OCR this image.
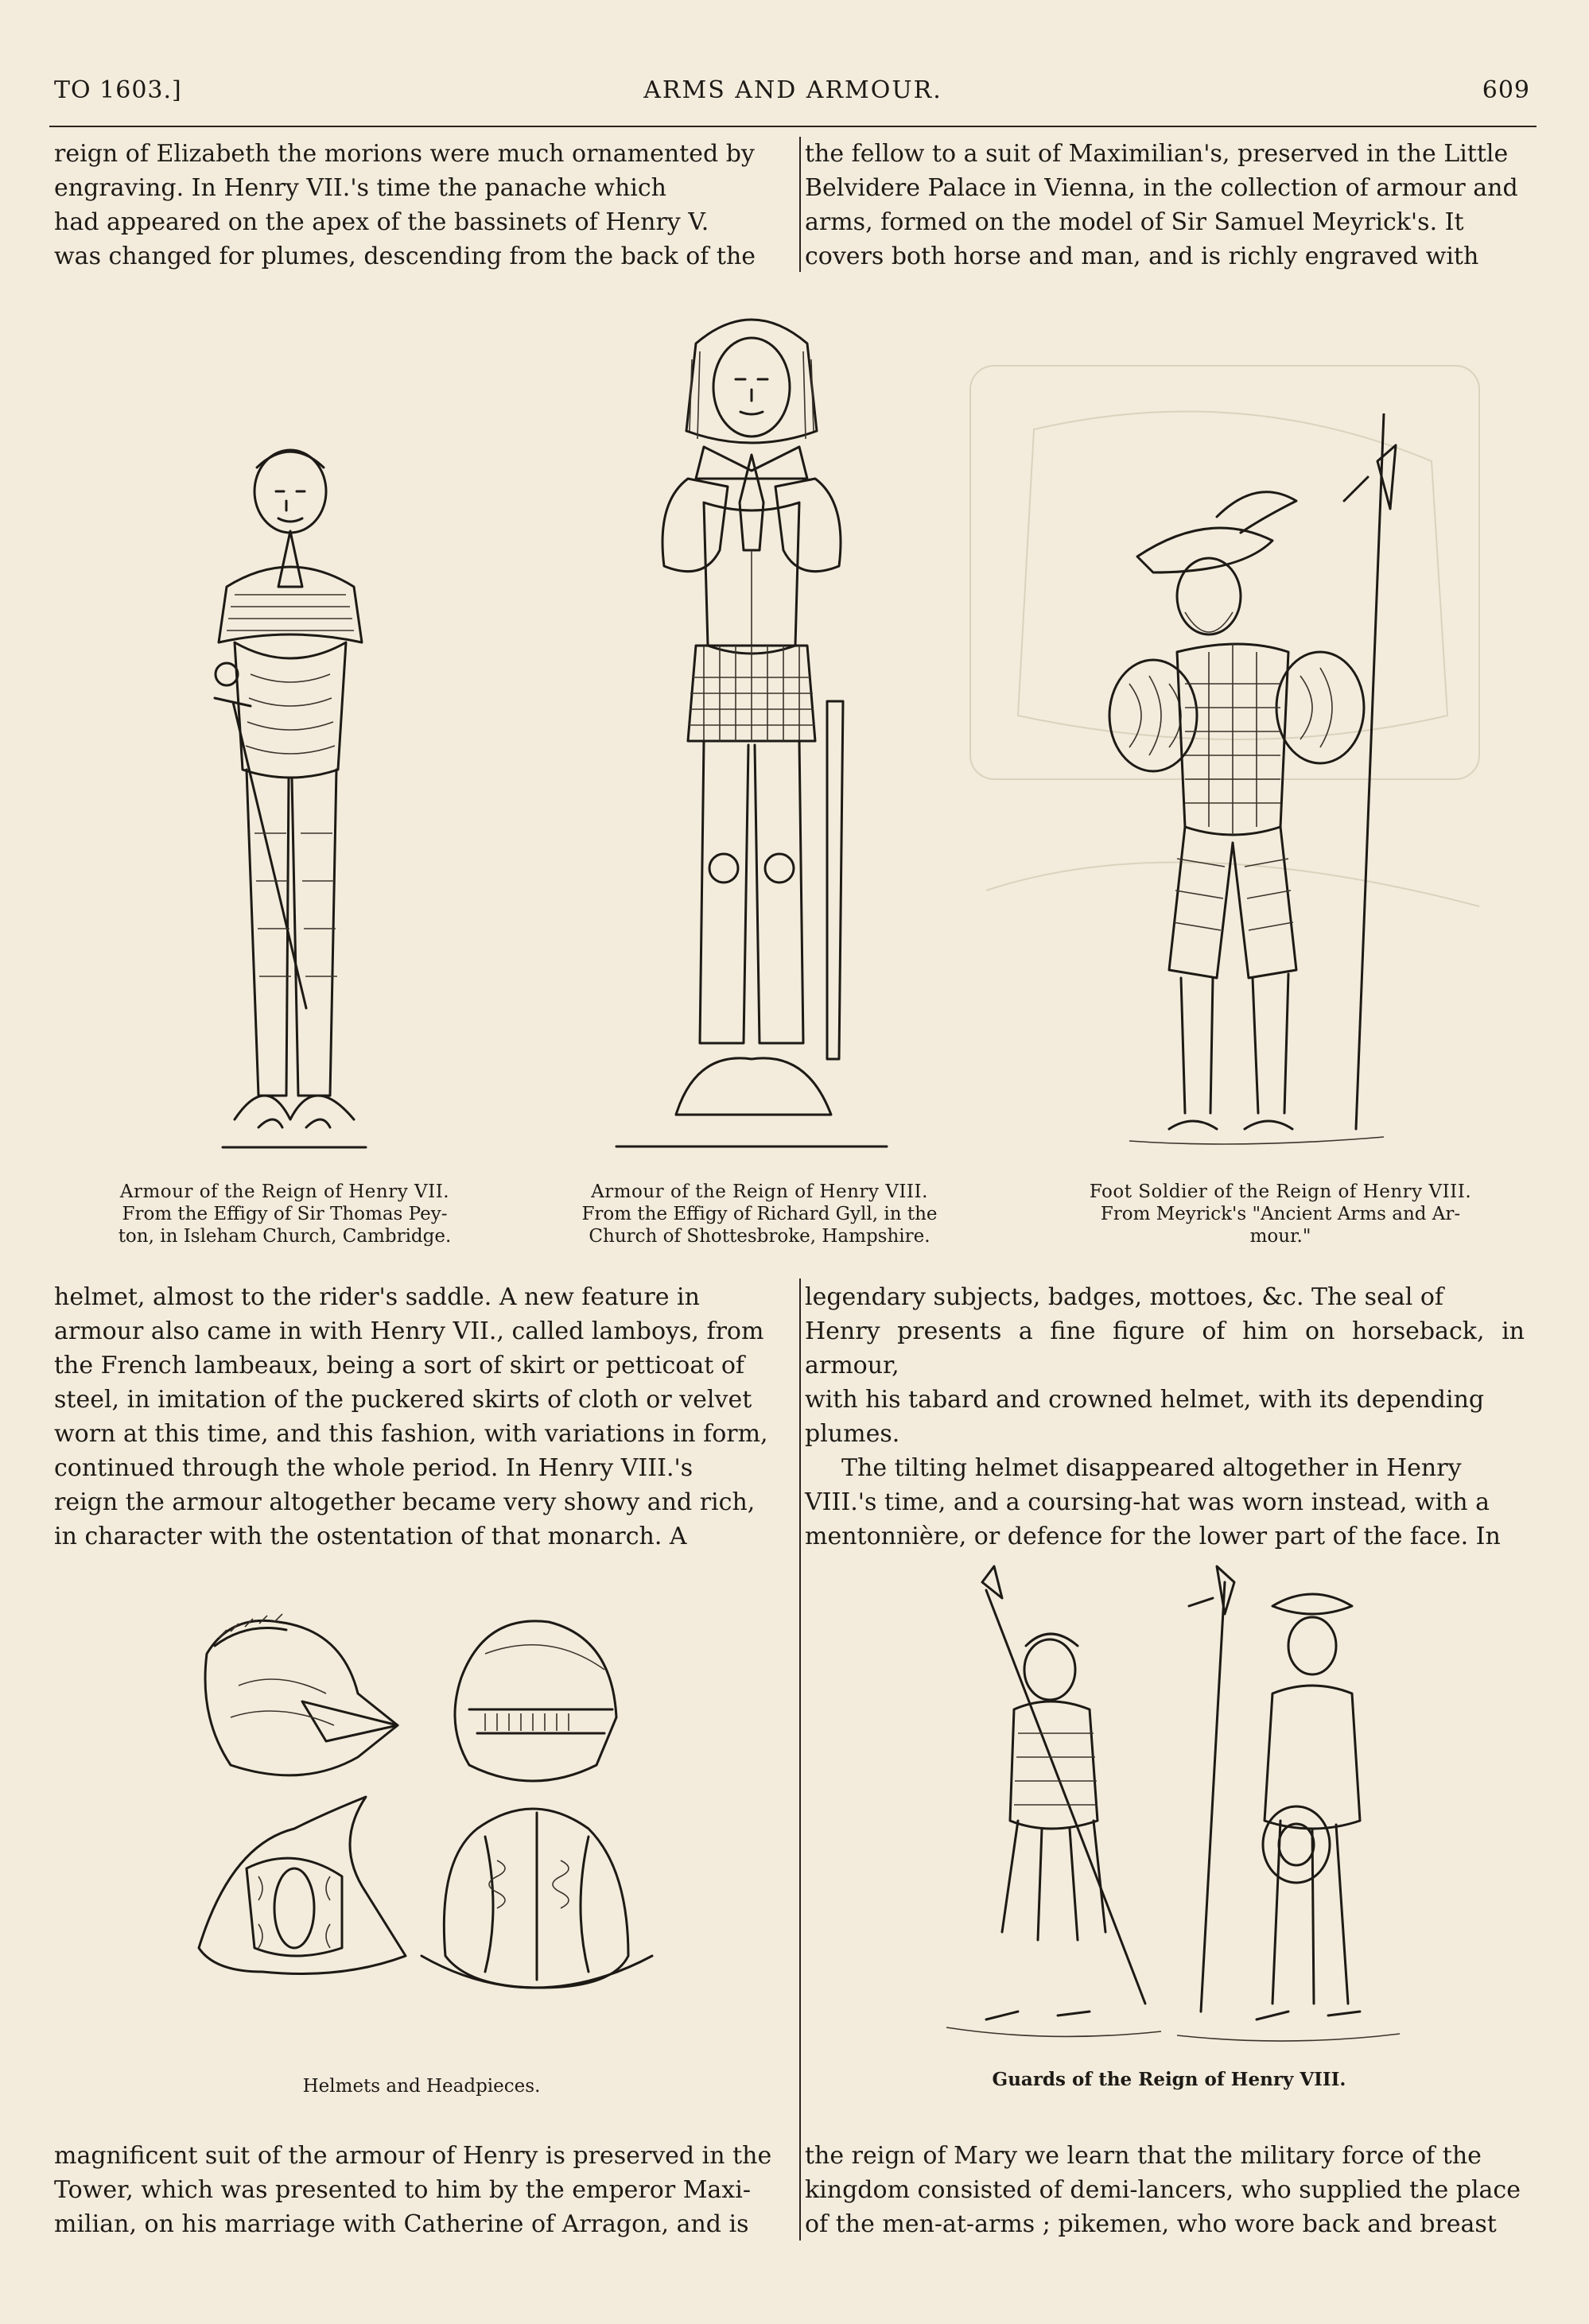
TO 1603.]	ARMS AND ARMOUR.	609

reign of Elizabeth the morions were much ornamented by

engraving. In Henry VII.'s time the panache which

had appeared on the apex of the bassinets of Henry V.

was changed for plumes, descending from the back of the

the fellow to a suit of Maximilian's, preserved in the Little

Belvidere Palace in Vienna, in the collection of armour and

arms, formed on the model of Sir Samuel Meyrick's. It

covers both horse and man, and is richly engraved with

Armour of the Reign of Henry VII.
From the Effigy of Sir Thomas Pey-
ton, in Isleham Church, Cambridge.
Armour of the Reign of Henry VIII.
From the Effigy of Richard Gyll, in the
Church of Shottesbroke, Hampshire.
Foot Soldier of the Reign of Henry VIII.
From Meyrick's "Ancient Arms and Ar-
mour."

helmet, almost to the rider's saddle. A new feature in

armour also came in with Henry VII., called lamboys, from

the French lambeaux, being a sort of skirt or petticoat of

steel, in imitation of the puckered skirts of cloth or velvet

worn at this time, and this fashion, with variations in form,

continued through the whole period. In Henry VIII.'s

reign the armour altogether became very showy and rich,

in character with the ostentation of that monarch. A

legendary subjects, badges, mottoes, &c. The seal of

Henry presents a fine figure of him on horseback, in armour,

with his tabard and crowned helmet, with its depending

plumes.

The tilting helmet disappeared altogether in Henry

VIII.'s time, and a coursing-hat was worn instead, with a

mentonnière, or defence for the lower part of the face. In

Helmets and Headpieces.	Guards of the Reign of Henry VIII.

magnificent suit of the armour of Henry is preserved in the

Tower, which was presented to him by the emperor Maxi-

milian, on his marriage with Catherine of Arragon, and is

the reign of Mary we learn that the military force of the

kingdom consisted of demi-lancers, who supplied the place

of the men-at-arms ; pikemen, who wore back and breast
